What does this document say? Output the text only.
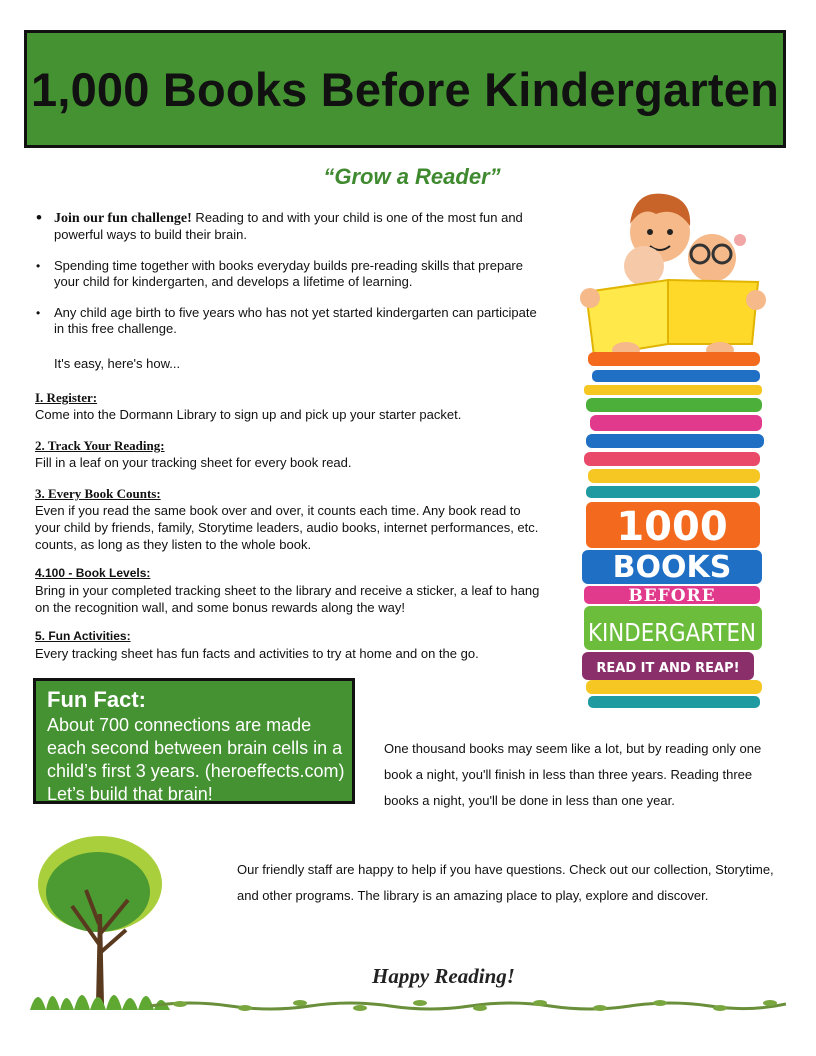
1,000 Books Before Kindergarten
“Grow a Reader”
• Join our fun challenge! Reading to and with your child is one of the most fun and powerful ways to build their brain.
• Spending time together with books everyday builds pre-reading skills that prepare your child for kindergarten, and develops a lifetime of learning.
• Any child age birth to five years who has not yet started kindergarten can participate in this free challenge.
It's easy, here's how...
I. Register:
Come into the Dormann Library to sign up and pick up your starter packet.
2. Track Your Reading:
Fill in a leaf on your tracking sheet for every book read.
3. Every Book Counts:
Even if you read the same book over and over, it counts each time. Any book read to your child by friends, family, Storytime leaders, audio books, internet performances, etc. counts, as long as they listen to the whole book.
4.100 - Book Levels:
Bring in your completed tracking sheet to the library and receive a sticker, a leaf to hang on the recognition wall, and some bonus rewards along the way!
5. Fun Activities:
Every tracking sheet has fun facts and activities to try at home and on the go.
Fun Fact:

About 700 connections are made each second between brain cells in a child’s first 3 years. (heroeffects.com) Let’s build that brain!

One thousand books may seem like a lot, but by reading only one book a night, you'll finish in less than three years. Reading three books a night, you'll be done in less than one year.
Our friendly staff are happy to help if you have questions. Check out our collection, Storytime, and other programs. The library is an amazing place to play, explore and discover.
1000
BOOKS
BEFORE
KINDERGARTEN
READ IT AND REAP!
Happy Reading!
